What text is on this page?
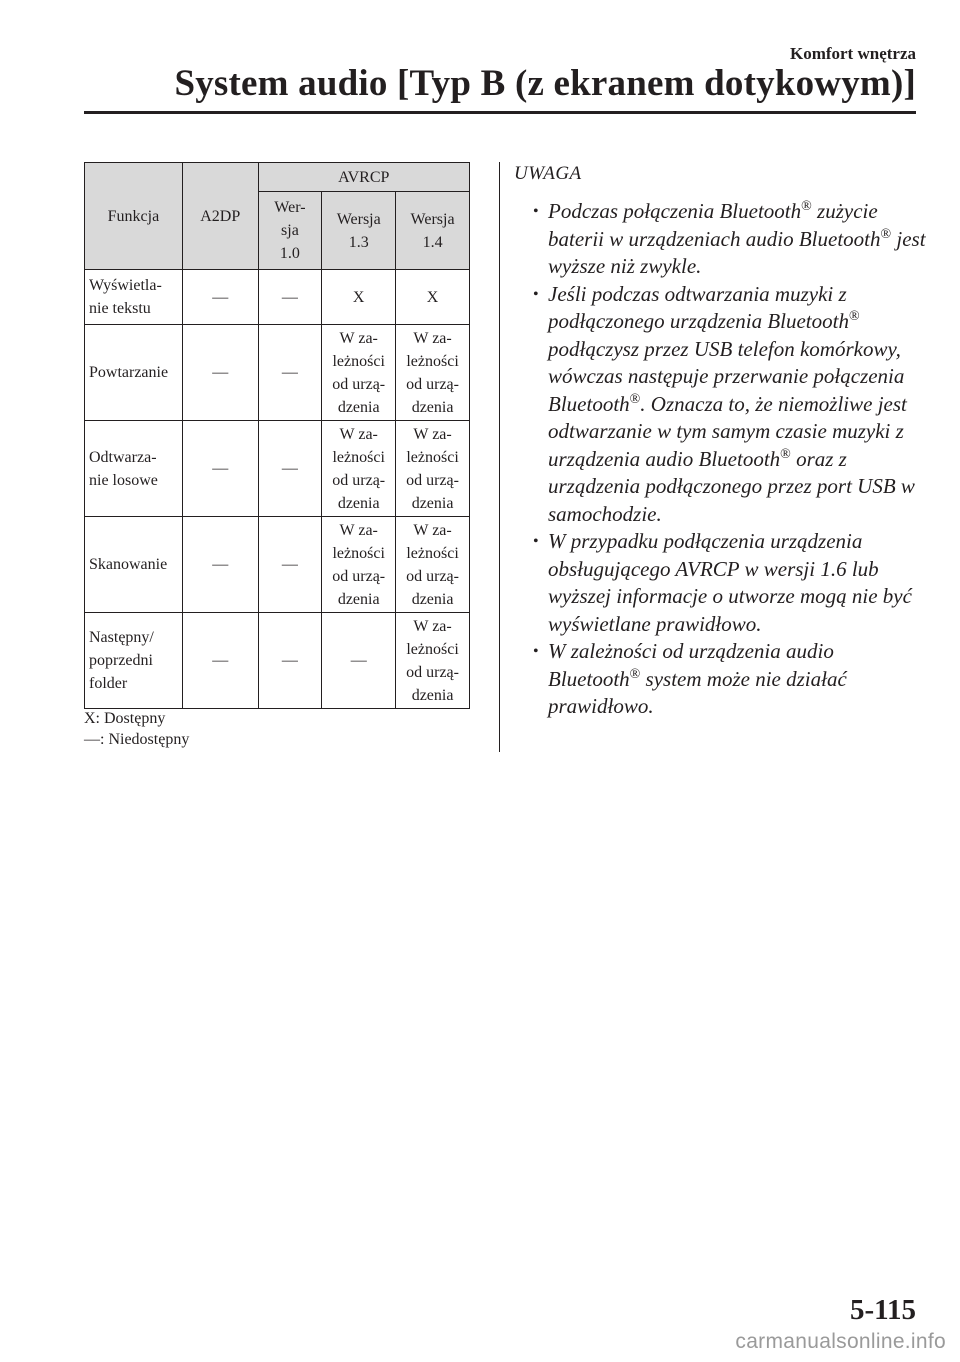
Komfort wnętrza
System audio [Typ B (z ekranem dotykowym)]
Funkcja	A2DP	AVRCP		

		Wer-
sja
1.0	Wersja
1.3	Wersja
1.4

Wyświetla-
nie tekstu	—	—	X	X

Powtarzanie	—	—	W za-
leżności
od urzą-
dzenia	W za-
leżności
od urzą-
dzenia

Odtwarza-
nie losowe	—	—	W za-
leżności
od urzą-
dzenia	W za-
leżności
od urzą-
dzenia

Skanowanie	—	—	W za-
leżności
od urzą-
dzenia	W za-
leżności
od urzą-
dzenia

Następny/
poprzedni
folder	—	—	—	W za-
leżności
od urzą-
dzenia
X: Dostępny
—: Niedostępny
UWAGA
• Podczas połączenia Bluetooth® zużycie baterii w urządzeniach audio Bluetooth® jest wyższe niż zwykle.
• Jeśli podczas odtwarzania muzyki z podłączonego urządzenia Bluetooth® podłączysz przez USB telefon komórkowy, wówczas następuje przerwanie połączenia Bluetooth®. Oznacza to, że niemożliwe jest odtwarzanie w tym samym czasie muzyki z urządzenia audio Bluetooth® oraz z urządzenia podłączonego przez port USB w samochodzie.
• W przypadku podłączenia urządzenia obsługującego AVRCP w wersji 1.6 lub wyższej informacje o utworze mogą nie być wyświetlane prawidłowo.
• W zależności od urządzenia audio Bluetooth® system może nie działać prawidłowo.
5-115
carmanualsonline.info
